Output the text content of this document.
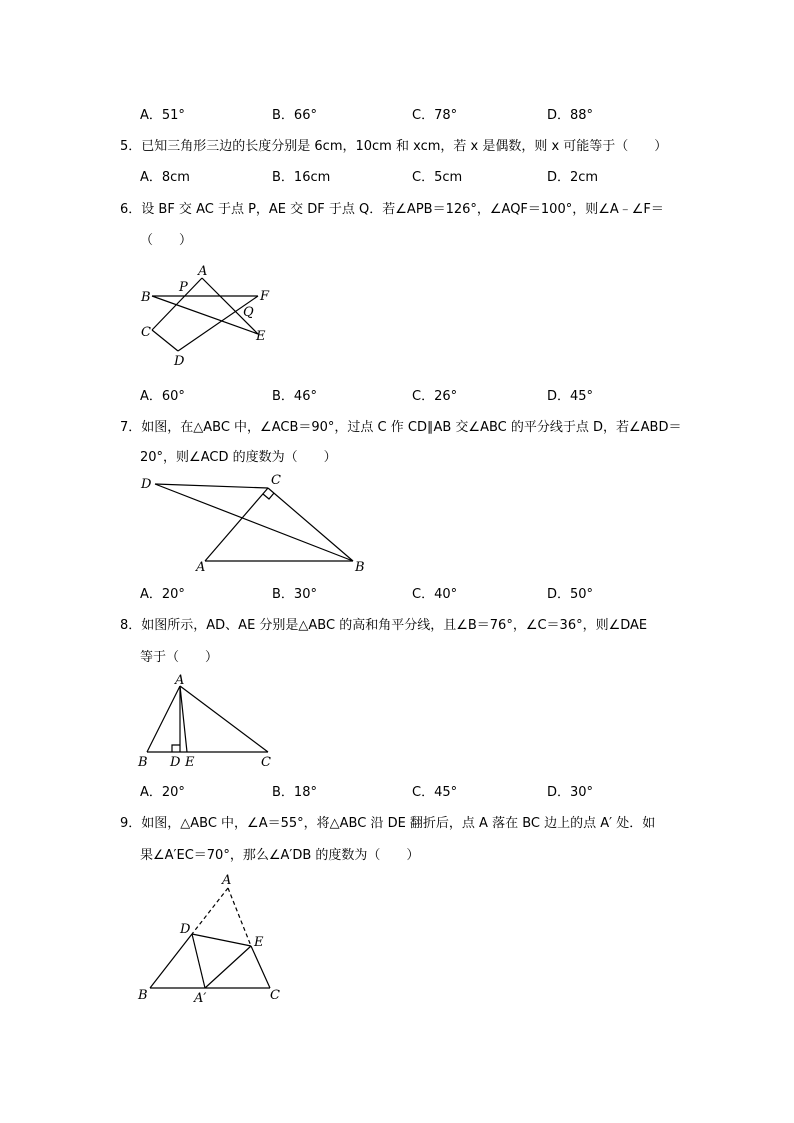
A．51°	B．66°	C．78°	D．88°
5．已知三角形三边的长度分别是 6cm，10cm 和 xcm，若 x 是偶数，则 x 可能等于（　　）
A．8cm	B．16cm	C．5cm	D．2cm
6．设 BF 交 AC 于点 P，AE 交 DF 于点 Q．若∠APB＝126°，∠AQF＝100°，则∠A﹣∠F＝
（　　）
A
B
C
D
E
F
P
Q
A．60°	B．46°	C．26°	D．45°
7．如图，在△ABC 中，∠ACB＝90°，过点 C 作 CD∥AB 交∠ABC 的平分线于点 D，若∠ABD＝
20°，则∠ACD 的度数为（　　）
D	C
A	B
A．20°	B．30°	C．40°	D．50°
8．如图所示，AD、AE 分别是△ABC 的高和角平分线，且∠B＝76°，∠C＝36°，则∠DAE
等于（　　）
A
B D E	C
A．20°	B．18°	C．45°	D．30°
9．如图，△ABC 中，∠A＝55°，将△ABC 沿 DE 翻折后，点 A 落在 BC 边上的点 A′ 处．如
果∠A′EC＝70°，那么∠A′DB 的度数为（　　）
A
D
E
B	A′	C
